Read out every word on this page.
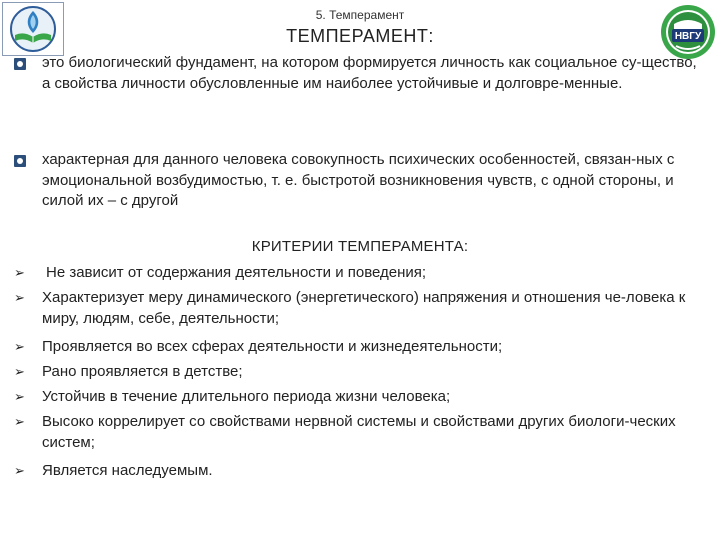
НВГУ
5. Темперамент
ТЕМПЕРАМЕНТ:
это биологический фундамент, на котором формируется личность как социальное су-щество, а свойства личности обусловленные им наиболее устойчивые и долговре-менные.
характерная для данного человека совокупность психических особенностей, связан-ных с эмоциональной возбудимостью, т. е. быстротой возникновения чувств, с одной стороны, и силой их – с другой
КРИТЕРИИ ТЕМПЕРАМЕНТА:
➢ Не зависит от содержания деятельности и поведения;
➢ Характеризует меру динамического (энергетического) напряжения и отношения че-ловека к миру, людям, себе, деятельности;
➢ Проявляется во всех сферах деятельности и жизнедеятельности;
➢ Рано проявляется в детстве;
➢ Устойчив в течение длительного периода жизни человека;
➢ Высоко коррелирует со свойствами нервной системы и свойствами других биологи-ческих систем;
➢ Является наследуемым.
